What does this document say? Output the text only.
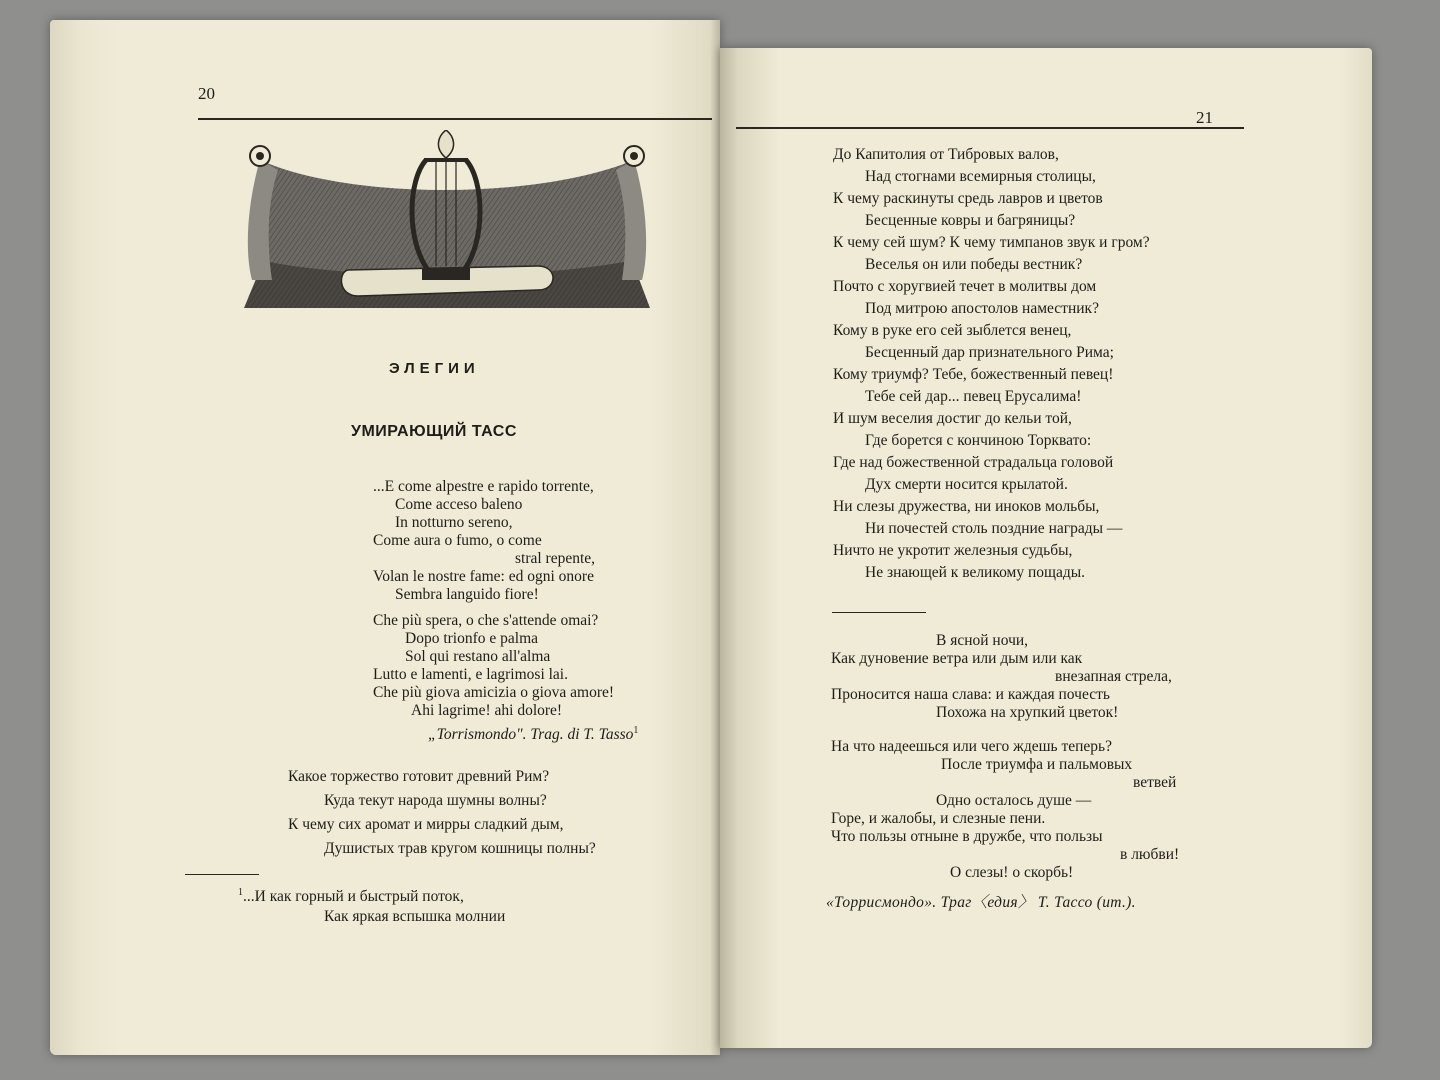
20
ЭЛЕГИИ
УМИРАЮЩИЙ ТАСС
...E come alpestre e rapido torrente,
Come acceso baleno
In notturno sereno,
Come aura o fumo, o come
stral repente,
Volan le nostre fame: ed ogni onore
Sembra languido fiore!
Che più spera, o che s'attende omai?
Dopo trionfo e palma
Sol qui restano all'alma
Lutto e lamenti, e lagrimosi lai.
Che più giova amicizia o giova amore!
Ahi lagrime! ahi dolore!
„Torrismondo". Trag. di T. Tasso$^1$
Какое торжество готовит древний Рим?
Куда текут народа шумны волны?
К чему сих аромат и мирры сладкий дым,
Душистых трав кругом кошницы полны?
$^1$...И как горный и быстрый поток,
Как яркая вспышка молнии
21
До Капитолия от Тибровых валов,
Над стогнами всемирныя столицы,
К чему раскинуты средь лавров и цветов
Бесценные ковры и багряницы?
К чему сей шум? К чему тимпанов звук и гром?
Веселья он или победы вестник?
Почто с хоругвией течет в молитвы дом
Под митрою апостолов наместник?
Кому в руке его сей зыблется венец,
Бесценный дар признательного Рима;
Кому триумф? Тебе, божественный певец!
Тебе сей дар... певец Ерусалима!
И шум веселия достиг до кельи той,
Где борется с кончиною Торквато:
Где над божественной страдальца головой
Дух смерти носится крылатой.
Ни слезы дружества, ни иноков мольбы,
Ни почестей столь поздние награды —
Ничто не укротит железныя судьбы,
Не знающей к великому пощады.
В ясной ночи,
Как дуновение ветра или дым или как
внезапная стрела,
Проносится наша слава: и каждая почесть
Похожа на хрупкий цветок!
На что надеешься или чего ждешь теперь?
После триумфа и пальмовых
ветвей
Одно осталось душе —
Горе, и жалобы, и слезные пени.
Что пользы отныне в дружбе, что пользы
в любви!
О слезы! о скорбь!
«Торрисмондо». Траг〈едия〉 Т. Тассо (ит.).
